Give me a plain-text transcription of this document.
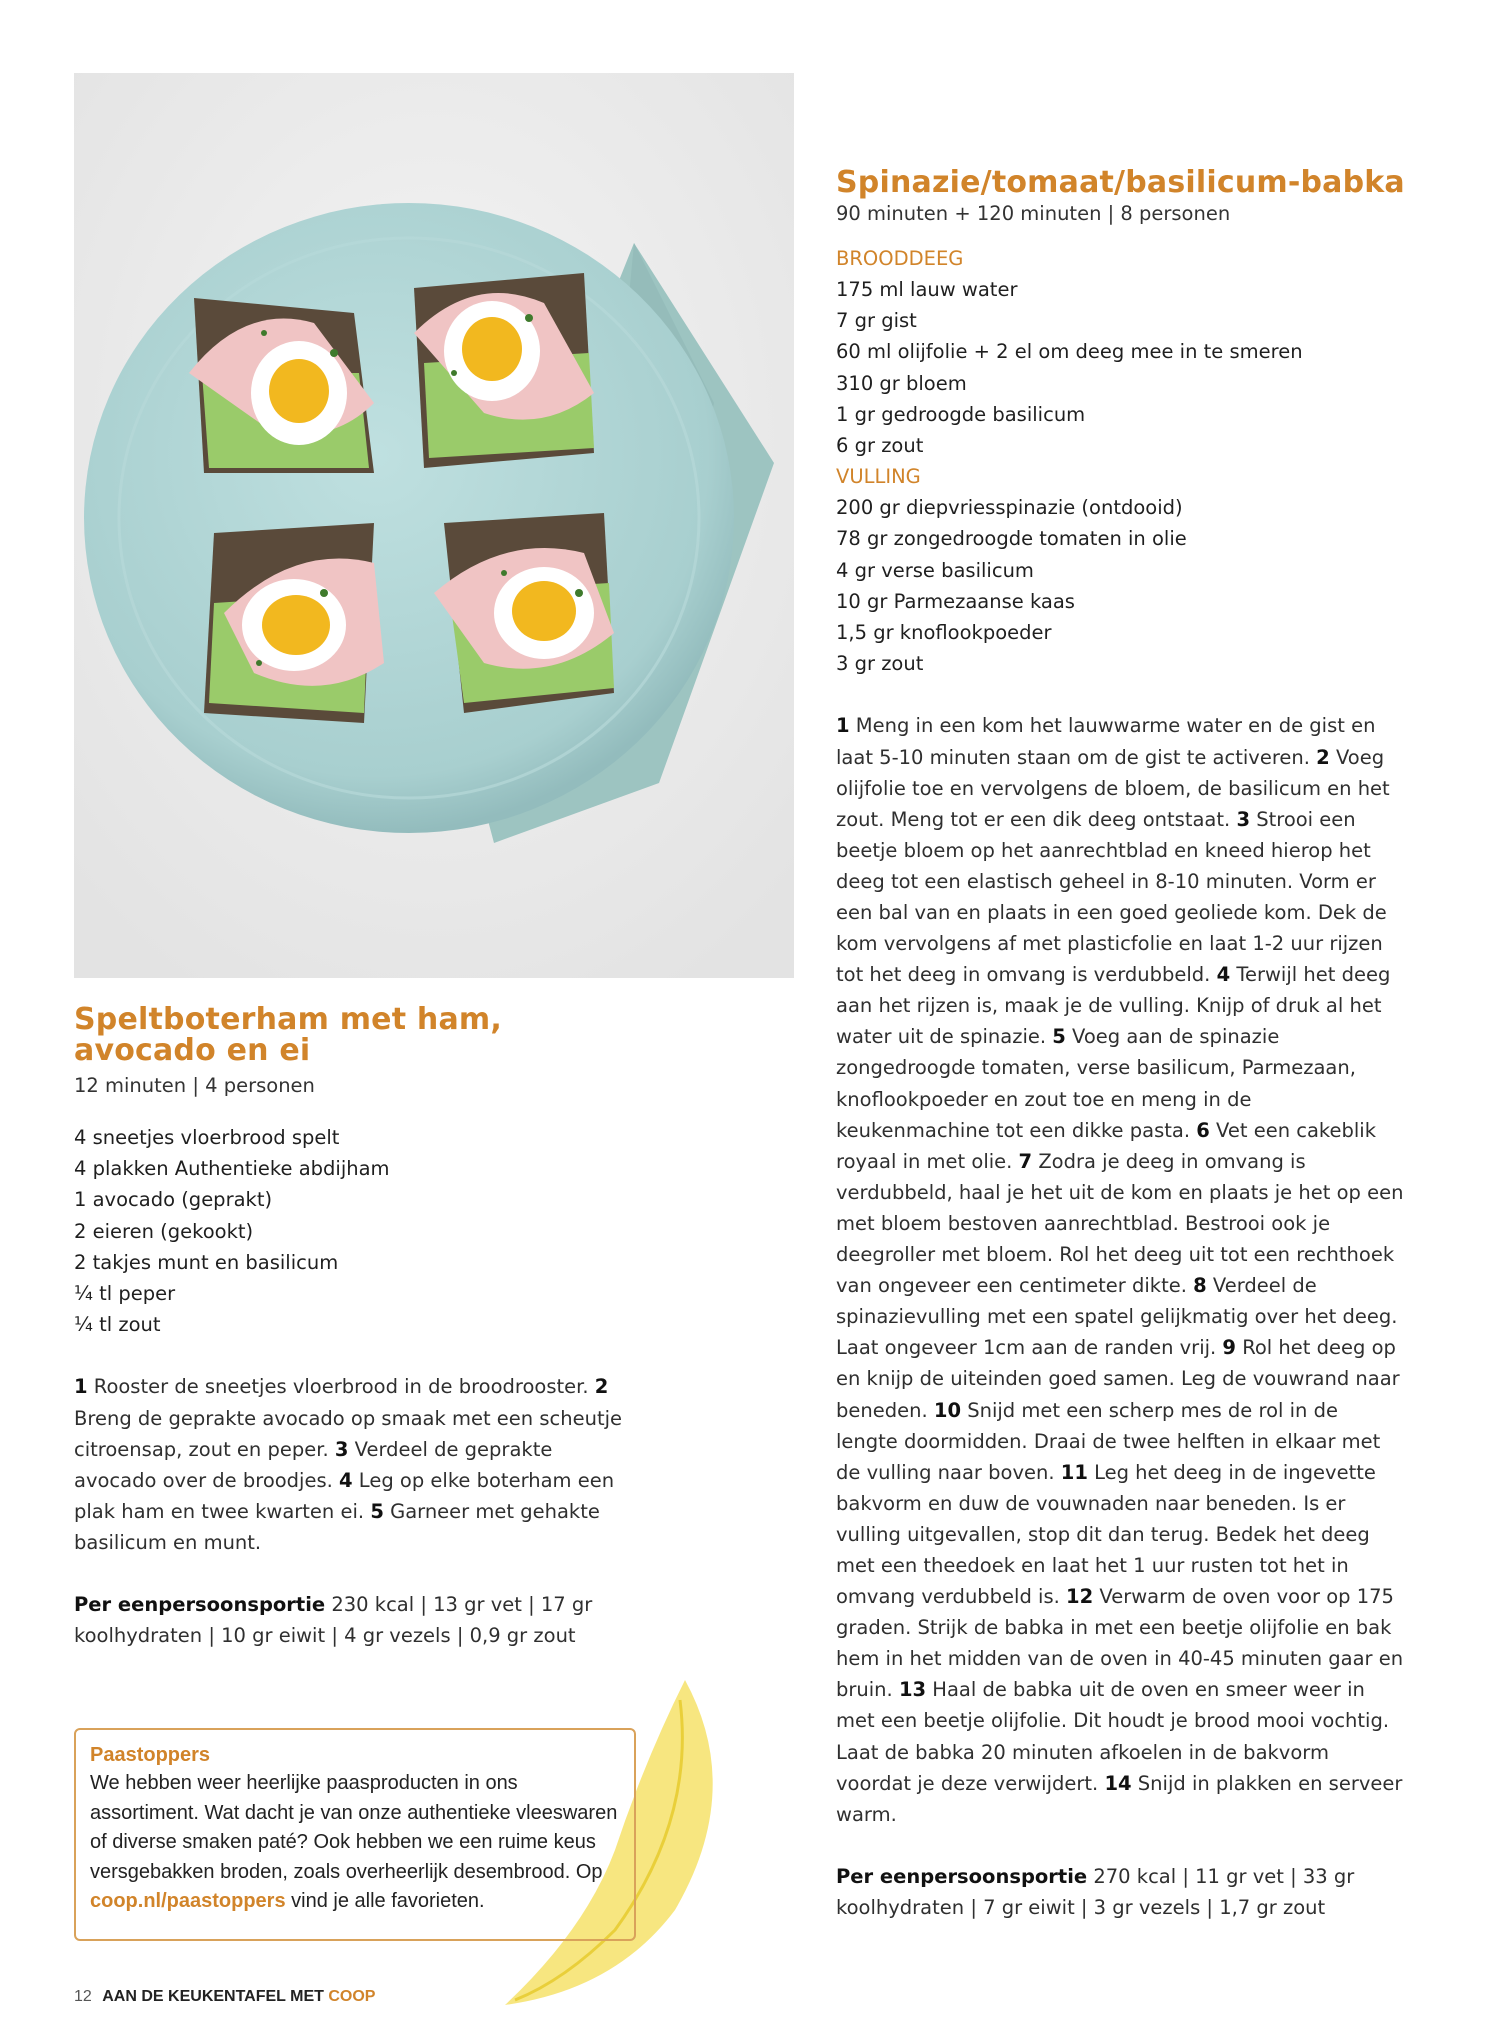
Speltboterham met ham, avocado en ei

12 minuten | 4 personen

4 sneetjes vloerbrood spelt
4 plakken Authentieke abdijham
1 avocado (geprakt)
2 eieren (gekookt)
2 takjes munt en basilicum
¼ tl peper
¼ tl zout
1 Rooster de sneetjes vloerbrood in de broodrooster. 2 Breng de geprakte avocado op smaak met een scheutje citroensap, zout en peper. 3 Verdeel de geprakte avocado over de broodjes. 4 Leg op elke boterham een plak ham en twee kwarten ei. 5 Garneer met gehakte basilicum en munt.
Per eenpersoonsportie 230 kcal | 13 gr vet | 17 gr koolhydraten | 10 gr eiwit | 4 gr vezels | 0,9 gr zout
Spinazie/tomaat/basilicum-babka

90 minuten + 120 minuten | 8 personen

BROODDEEG
175 ml lauw water
7 gr gist
60 ml olijfolie + 2 el om deeg mee in te smeren
310 gr bloem
1 gr gedroogde basilicum
6 gr zout
VULLING
200 gr diepvriesspinazie (ontdooid)
78 gr zongedroogde tomaten in olie
4 gr verse basilicum
10 gr Parmezaanse kaas
1,5 gr knoflookpoeder
3 gr zout
1 Meng in een kom het lauwwarme water en de gist en laat 5-10 minuten staan om de gist te activeren. 2 Voeg olijfolie toe en vervolgens de bloem, de basilicum en het zout. Meng tot er een dik deeg ontstaat. 3 Strooi een beetje bloem op het aanrechtblad en kneed hierop het deeg tot een elastisch geheel in 8-10 minuten. Vorm er een bal van en plaats in een goed geoliede kom. Dek de kom vervolgens af met plasticfolie en laat 1-2 uur rijzen tot het deeg in omvang is verdubbeld. 4 Terwijl het deeg aan het rijzen is, maak je de vulling. Knijp of druk al het water uit de spinazie. 5 Voeg aan de spinazie zongedroogde tomaten, verse basilicum, Parmezaan, knoflookpoeder en zout toe en meng in de keukenmachine tot een dikke pasta. 6 Vet een cakeblik royaal in met olie. 7 Zodra je deeg in omvang is verdubbeld, haal je het uit de kom en plaats je het op een met bloem bestoven aanrechtblad. Bestrooi ook je deegroller met bloem. Rol het deeg uit tot een rechthoek van ongeveer een centimeter dikte. 8 Verdeel de spinazievulling met een spatel gelijkmatig over het deeg. Laat ongeveer 1cm aan de randen vrij. 9 Rol het deeg op en knijp de uiteinden goed samen. Leg de vouwrand naar beneden. 10 Snijd met een scherp mes de rol in de lengte doormidden. Draai de twee helften in elkaar met de vulling naar boven. 11 Leg het deeg in de ingevette bakvorm en duw de vouwnaden naar beneden. Is er vulling uitgevallen, stop dit dan terug. Bedek het deeg met een theedoek en laat het 1 uur rusten tot het in omvang verdubbeld is. 12 Verwarm de oven voor op 175 graden. Strijk de babka in met een beetje olijfolie en bak hem in het midden van de oven in 40-45 minuten gaar en bruin. 13 Haal de babka uit de oven en smeer weer in met een beetje olijfolie. Dit houdt je brood mooi vochtig. Laat de babka 20 minuten afkoelen in de bakvorm voordat je deze verwijdert. 14 Snijd in plakken en serveer warm.
Per eenpersoonsportie 270 kcal | 11 gr vet | 33 gr koolhydraten | 7 gr eiwit | 3 gr vezels | 1,7 gr zout

Paastoppers

We hebben weer heerlijke paasproducten in ons assortiment. Wat dacht je van onze authentieke vleeswaren of diverse smaken paté? Ook hebben we een ruime keus versgebakken broden, zoals overheerlijk desembrood. Op coop.nl/paastoppers vind je alle favorieten.
12 AAN DE KEUKENTAFEL MET COOP
